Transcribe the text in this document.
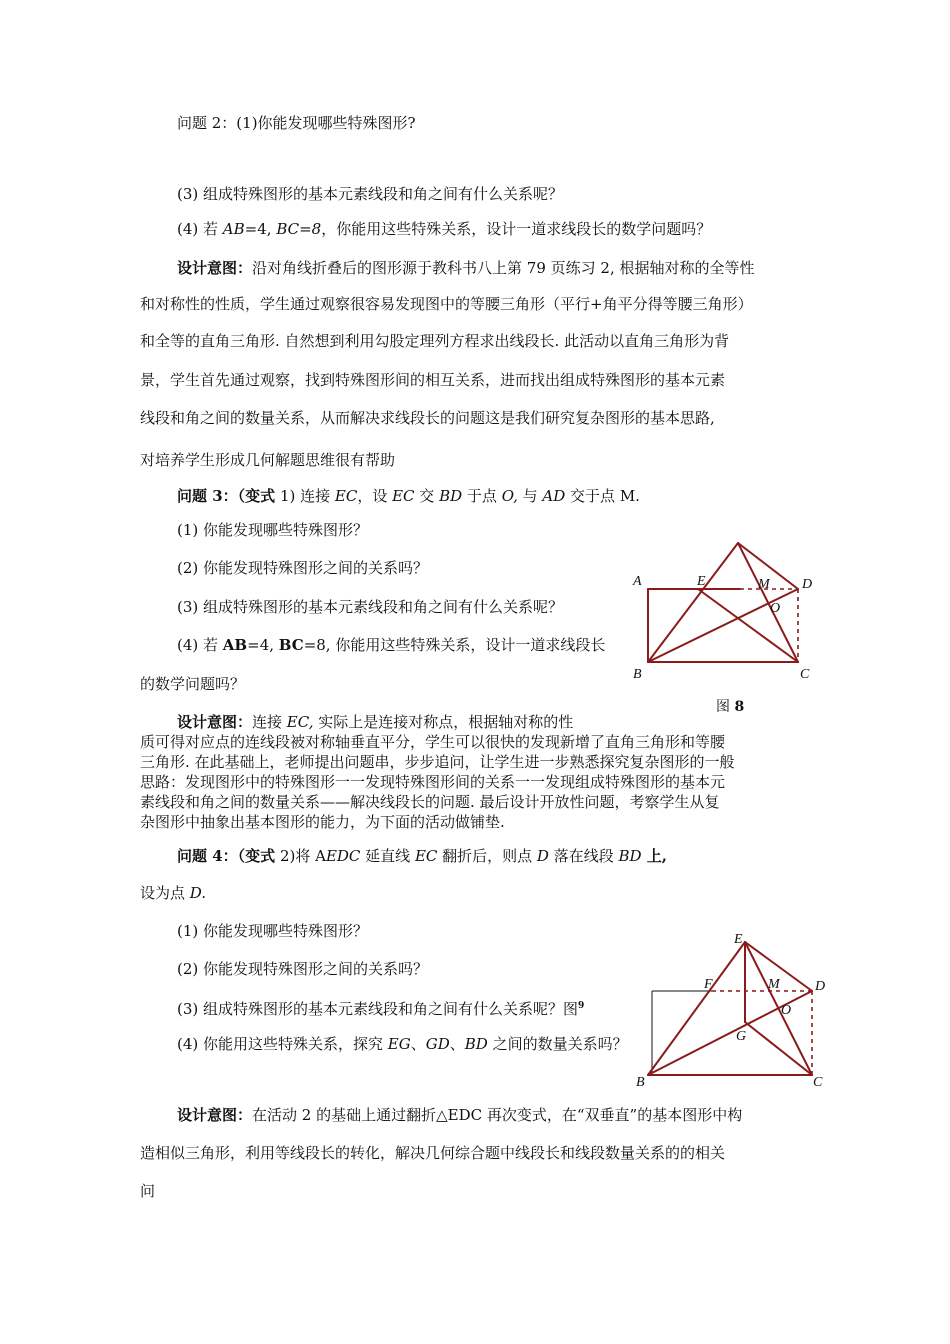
问题 2：(1)你能发现哪些特殊图形?
(3) 组成特殊图形的基本元素线段和角之间有什么关系呢？
(4) 若 AB=4, BC=8，你能用这些特殊关系，设计一道求线段长的数学问题吗？
设计意图：沿对角线折叠后的图形源于教科书八上第 79 页练习 2, 根据轴对称的全等性
和对称性的性质，学生通过观察很容易发现图中的等腰三角形（平行+角平分得等腰三角形）
和全等的直角三角形. 自然想到利用勾股定理列方程求出线段长. 此活动以直角三角形为背
景，学生首先通过观察，找到特殊图形间的相互关系，进而找出组成特殊图形的基本元素
线段和角之间的数量关系，从而解决求线段长的问题这是我们研究复杂图形的基本思路,
对培养学生形成几何解题思维很有帮助
问题 3：（变式 1) 连接 EC，设 EC 交 BD 于点 O, 与 AD 交于点 M.
(1) 你能发现哪些特殊图形？
(2) 你能发现特殊图形之间的关系吗？
(3) 组成特殊图形的基本元素线段和角之间有什么关系呢？
(4) 若 AB=4, BC=8, 你能用这些特殊关系，设计一道求线段长
的数学问题吗？
A	E	M D
O
B	C
图 8
设计意图：连接 EC, 实际上是连接对称点，根据轴对称的性
质可得对应点的连线段被对称轴垂直平分，学生可以很快的发现新增了直角三角形和等腰
三角形. 在此基础上，老师提出问题串，步步追问，让学生进一步熟悉探究复杂图形的一般
思路：发现图形中的特殊图形一一发现特殊图形间的关系一一发现组成特殊图形的基本元
素线段和角之间的数量关系——解决线段长的问题. 最后设计开放性问题，考察学生从复
杂图形中抽象出基本图形的能力，为下面的活动做铺垫.
问题 4：（变式 2)将 AEDC 延直线 EC 翻折后，则点 D 落在线段 BD 上,
设为点 D.
(1) 你能发现哪些特殊图形？
(2) 你能发现特殊图形之间的关系吗？
(3) 组成特殊图形的基本元素线段和角之间有什么关系呢？图$^9$
(4) 你能用这些特殊关系，探究 EG、GD、BD 之间的数量关系吗？
E
F	M	D
O
G
B	C
设计意图：在活动 2 的基础上通过翻折△EDC 再次变式，在“双垂直”的基本图形中构
造相似三角形，利用等线段长的转化，解决几何综合题中线段长和线段数量关系的的相关
问
